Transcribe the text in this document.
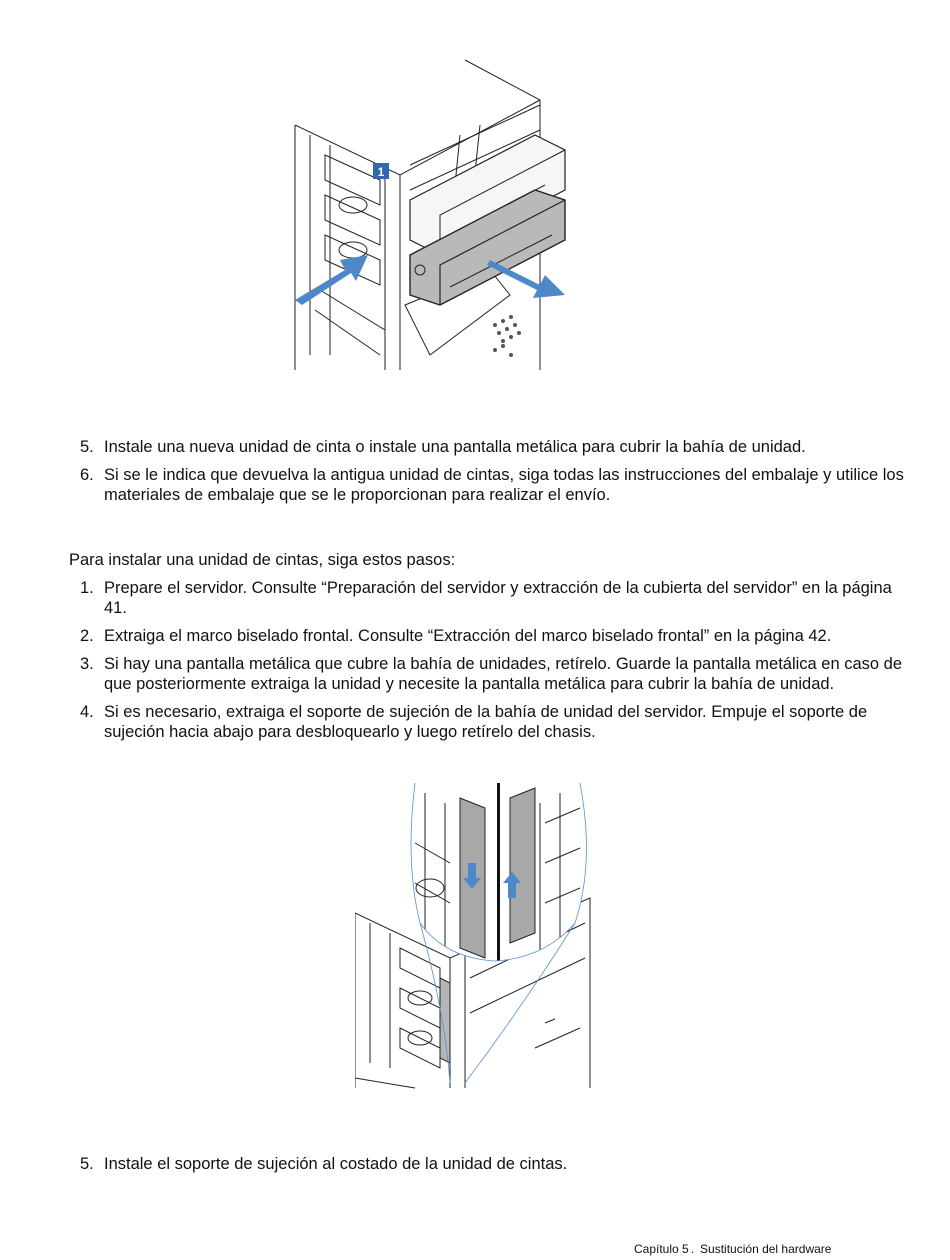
1
5. Instale una nueva unidad de cinta o instale una pantalla metálica para cubrir la bahía de unidad.
6. Si se le indica que devuelva la antigua unidad de cintas, siga todas las instrucciones del embalaje y utilice los materiales de embalaje que se le proporcionan para realizar el envío.

Para instalar una unidad de cintas, siga estos pasos:

1. Prepare el servidor. Consulte “Preparación del servidor y extracción de la cubierta del servidor” en la página 41.
2. Extraiga el marco biselado frontal. Consulte “Extracción del marco biselado frontal” en la página 42.
3. Si hay una pantalla metálica que cubre la bahía de unidades, retírelo. Guarde la pantalla metálica en caso de que posteriormente extraiga la unidad y necesite la pantalla metálica para cubrir la bahía de unidad.
4. Si es necesario, extraiga el soporte de sujeción de la bahía de unidad del servidor. Empuje el soporte de sujeción hacia abajo para desbloquearlo y luego retírelo del chasis.
5. Instale el soporte de sujeción al costado de la unidad de cintas.
Capítulo 5 . Sustitución del hardware
